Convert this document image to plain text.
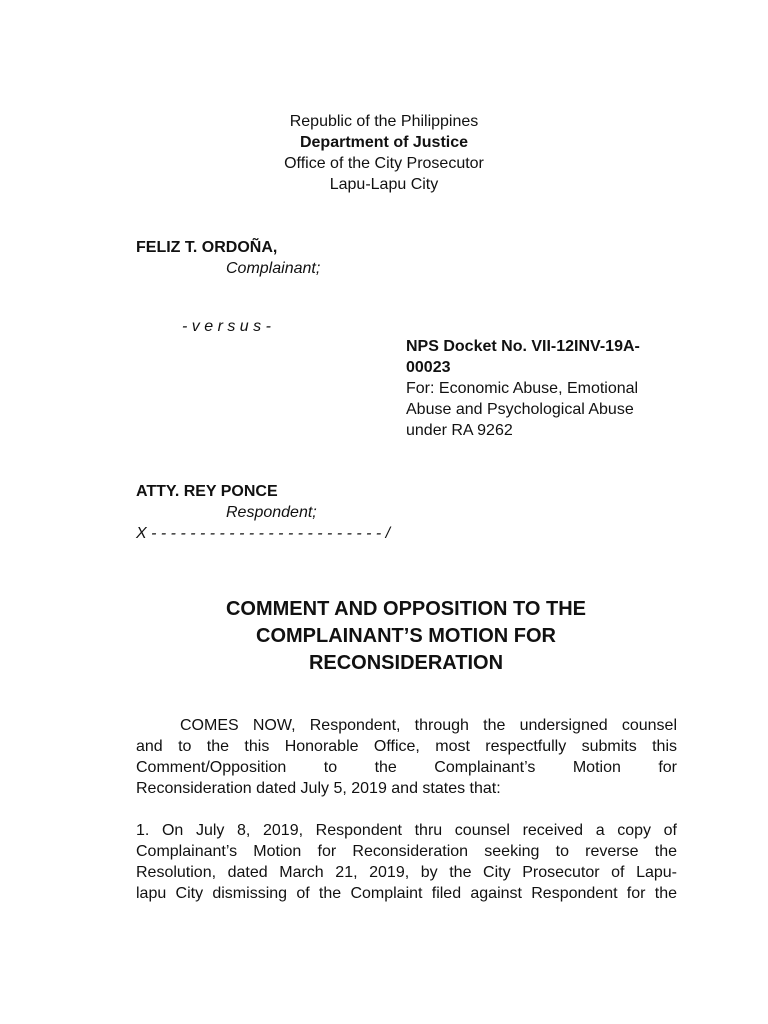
Republic of the Philippines
Department of Justice
Office of the City Prosecutor
Lapu-Lapu City
FELIZ T. ORDOÑA,
Complainant;
- v e r s u s -
NPS Docket No. VII-12INV-19A-
00023
For: Economic Abuse, Emotional
Abuse and Psychological Abuse
under RA 9262
ATTY. REY PONCE
Respondent;
X - - - - - - - - - - - - - - - - - - - - - - - - /
COMMENT AND OPPOSITION TO THE
COMPLAINANT’S MOTION FOR
RECONSIDERATION
COMES NOW, Respondent, through the undersigned counsel
and to the this Honorable Office, most respectfully submits this
Comment/Opposition to the Complainant’s Motion for
Reconsideration dated July 5, 2019 and states that:
1. On July 8, 2019, Respondent thru counsel received a copy of
Complainant’s Motion for Reconsideration seeking to reverse the
Resolution, dated March 21, 2019, by the City Prosecutor of Lapu-
lapu City dismissing of the Complaint filed against Respondent for the
